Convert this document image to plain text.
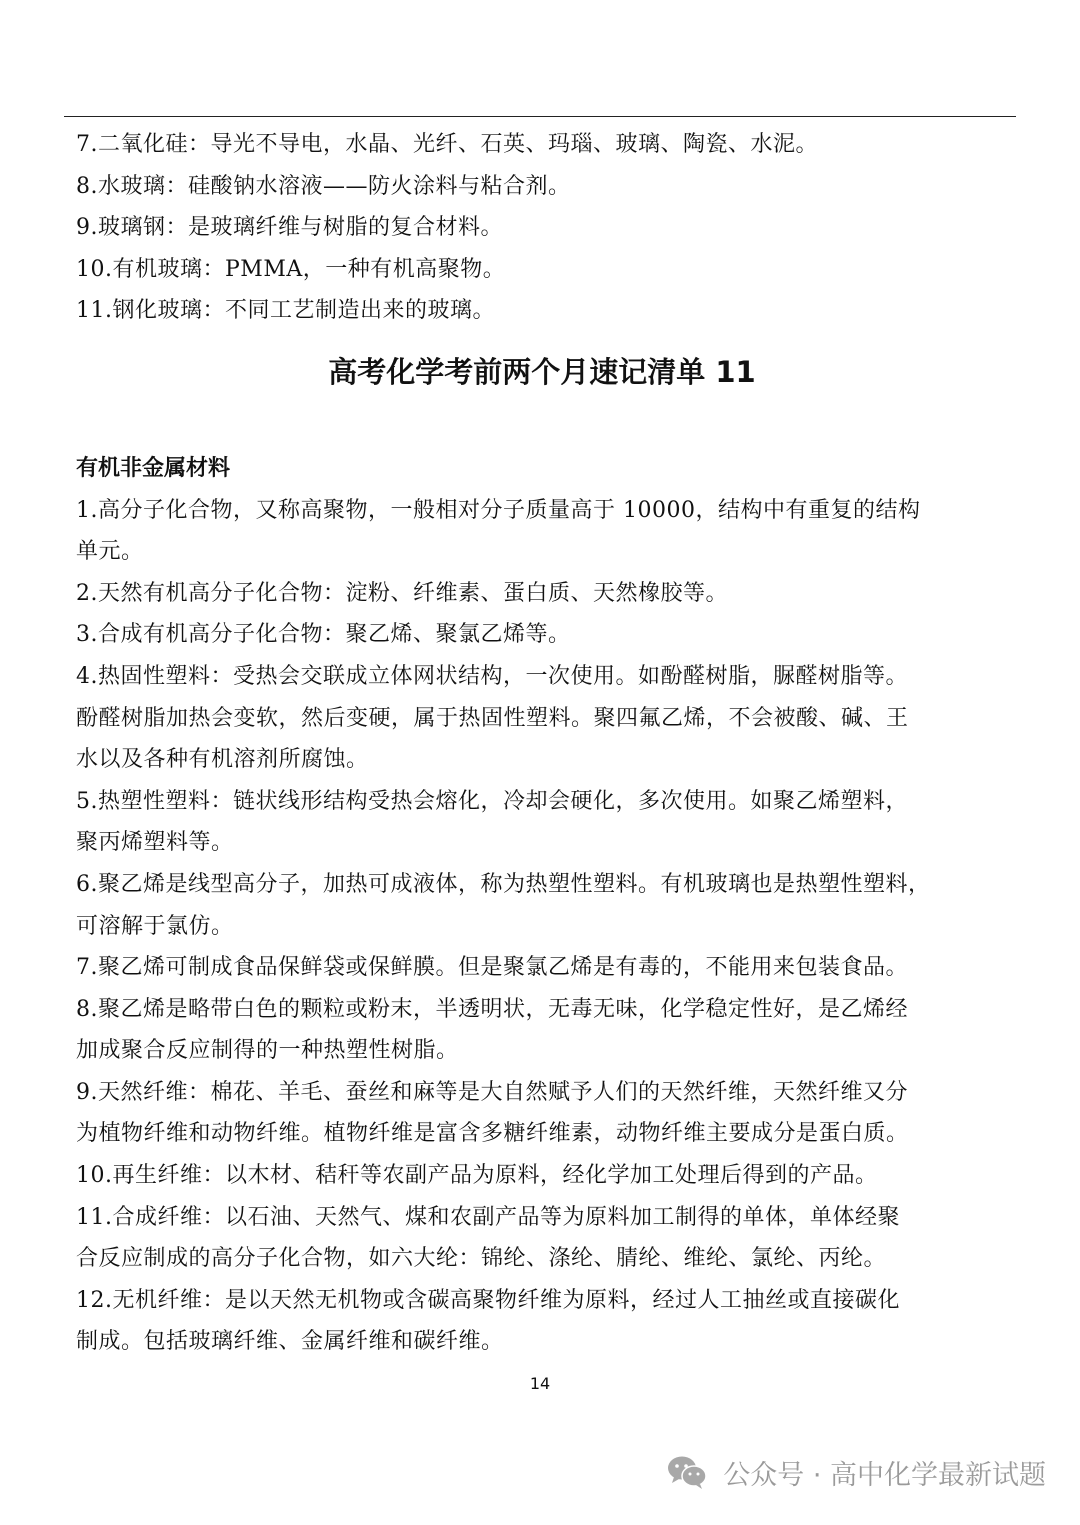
7.二氧化硅：导光不导电，水晶、光纤、石英、玛瑙、玻璃、陶瓷、水泥。
8.水玻璃：硅酸钠水溶液——防火涂料与粘合剂。
9.玻璃钢：是玻璃纤维与树脂的复合材料。
10.有机玻璃：PMMA，一种有机高聚物。
11.钢化玻璃：不同工艺制造出来的玻璃。
高考化学考前两个月速记清单 11
有机非金属材料
1.高分子化合物，又称高聚物，一般相对分子质量高于 10000，结构中有重复的结构
单元。
2.天然有机高分子化合物：淀粉、纤维素、蛋白质、天然橡胶等。
3.合成有机高分子化合物：聚乙烯、聚氯乙烯等。
4.热固性塑料：受热会交联成立体网状结构，一次使用。如酚醛树脂，脲醛树脂等。
酚醛树脂加热会变软，然后变硬，属于热固性塑料。聚四氟乙烯，不会被酸、碱、王
水以及各种有机溶剂所腐蚀。
5.热塑性塑料：链状线形结构受热会熔化，冷却会硬化，多次使用。如聚乙烯塑料，
聚丙烯塑料等。
6.聚乙烯是线型高分子，加热可成液体，称为热塑性塑料。有机玻璃也是热塑性塑料，
可溶解于氯仿。
7.聚乙烯可制成食品保鲜袋或保鲜膜。但是聚氯乙烯是有毒的，不能用来包装食品。
8.聚乙烯是略带白色的颗粒或粉末，半透明状，无毒无味，化学稳定性好，是乙烯经
加成聚合反应制得的一种热塑性树脂。
9.天然纤维：棉花、羊毛、蚕丝和麻等是大自然赋予人们的天然纤维，天然纤维又分
为植物纤维和动物纤维。植物纤维是富含多糖纤维素，动物纤维主要成分是蛋白质。
10.再生纤维：以木材、秸秆等农副产品为原料，经化学加工处理后得到的产品。
11.合成纤维：以石油、天然气、煤和农副产品等为原料加工制得的单体，单体经聚
合反应制成的高分子化合物，如六大纶：锦纶、涤纶、腈纶、维纶、氯纶、丙纶。
12.无机纤维：是以天然无机物或含碳高聚物纤维为原料，经过人工抽丝或直接碳化
制成。包括玻璃纤维、金属纤维和碳纤维。
14
公众号 · 高中化学最新试题
